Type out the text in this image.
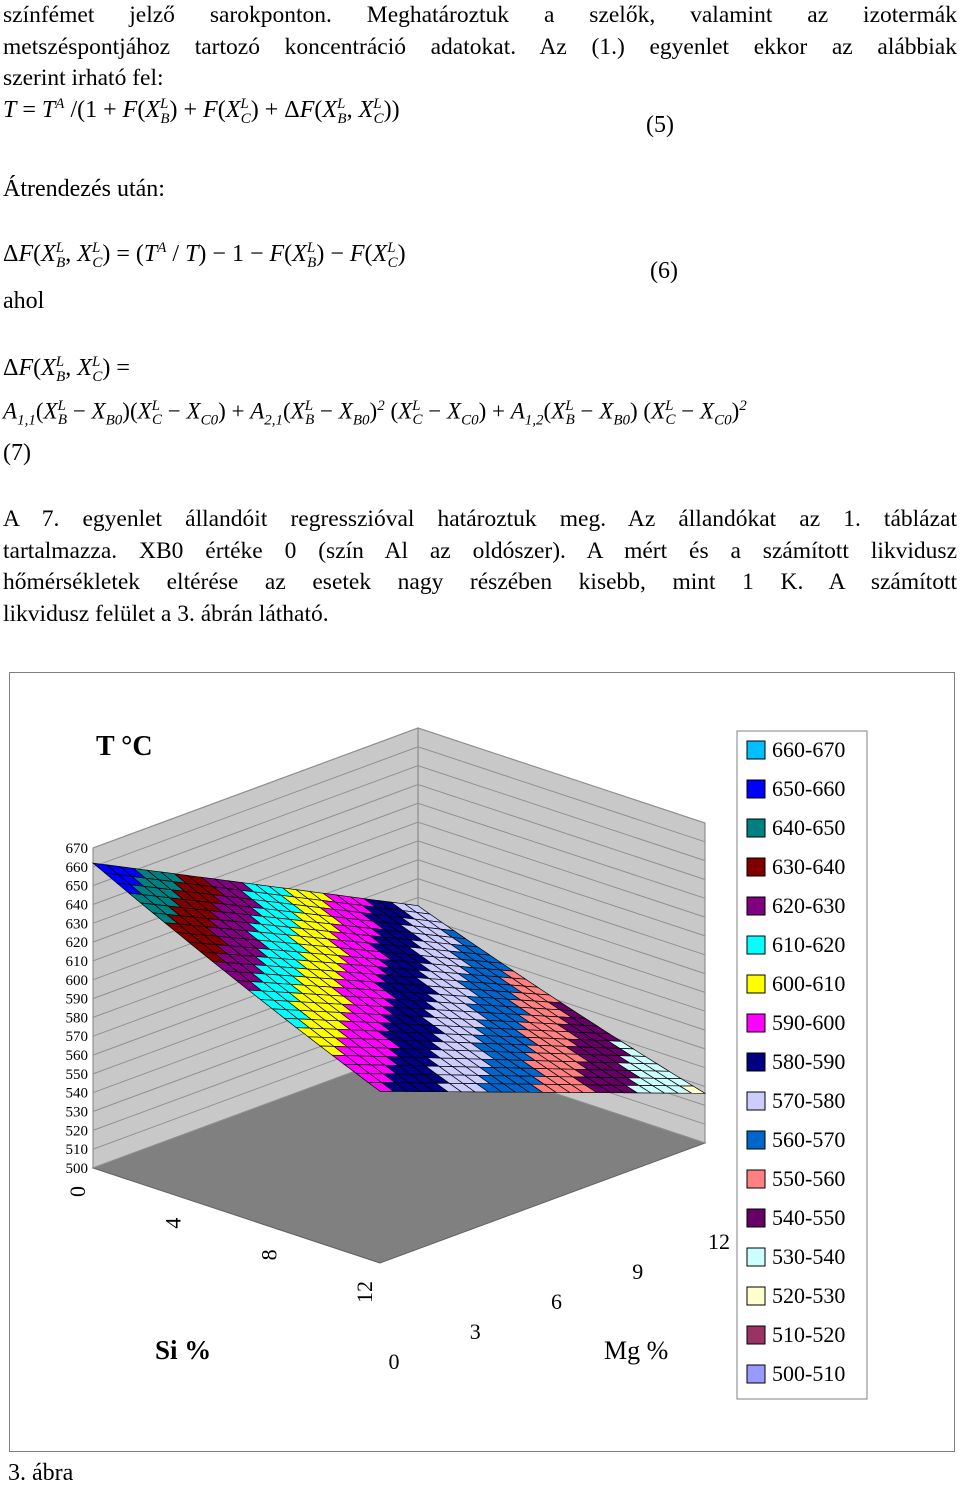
színfémet jelző sarokponton. Meghatároztuk a szelők, valamint az izotermák
metszéspontjához tartozó koncentráció adatokat. Az (1.) egyenlet ekkor az alábbiak
szerint irható fel:
$T = T^A$ $/(1 + F(X^L_B) + F(X^L_C) + \Delta F(X^L_B$, $X^L_C$))
(5)
Átrendezés után:
$\Delta F(X^L_B$, $X^L_C) = (T^A / T) - 1 - F(X^L_B) - F(X^L_C)$
(6)
ahol
$\Delta F(X^L_B$, $X^L_C$) =
$A_{1,1}(X^L_B - X_{B0})(X^L_C - X_{C0}) + A_{2,1}(X^L_B - X_{B0})^2$ $(X^L_C - X_{C0}) + A_{1,2}(X^L_B - X_{B0}) (X^L_C - X_{C0})^2$
(7)
A 7. egyenlet állandóit regresszióval határoztuk meg. Az állandókat az 1. táblázat
tartalmazza. XB0 értéke 0 (szín Al az oldószer). A mért és a számított likvidusz
hőmérsékletek eltérése az esetek nagy részében kisebb, mint 1 K. A számított
likvidusz felület a 3. ábrán látható.
670
660
650
640
630
620
610
600
590
580
570
560
550
540
530
520
510
500
0
4
8
12
0
3
6
9
12
660-670
650-660
640-650
630-640
620-630
610-620
600-610
590-600
580-590
570-580
560-570
550-560
540-550
530-540
520-530
510-520
500-510
T °C
Si %	Mg %
3. ábra
